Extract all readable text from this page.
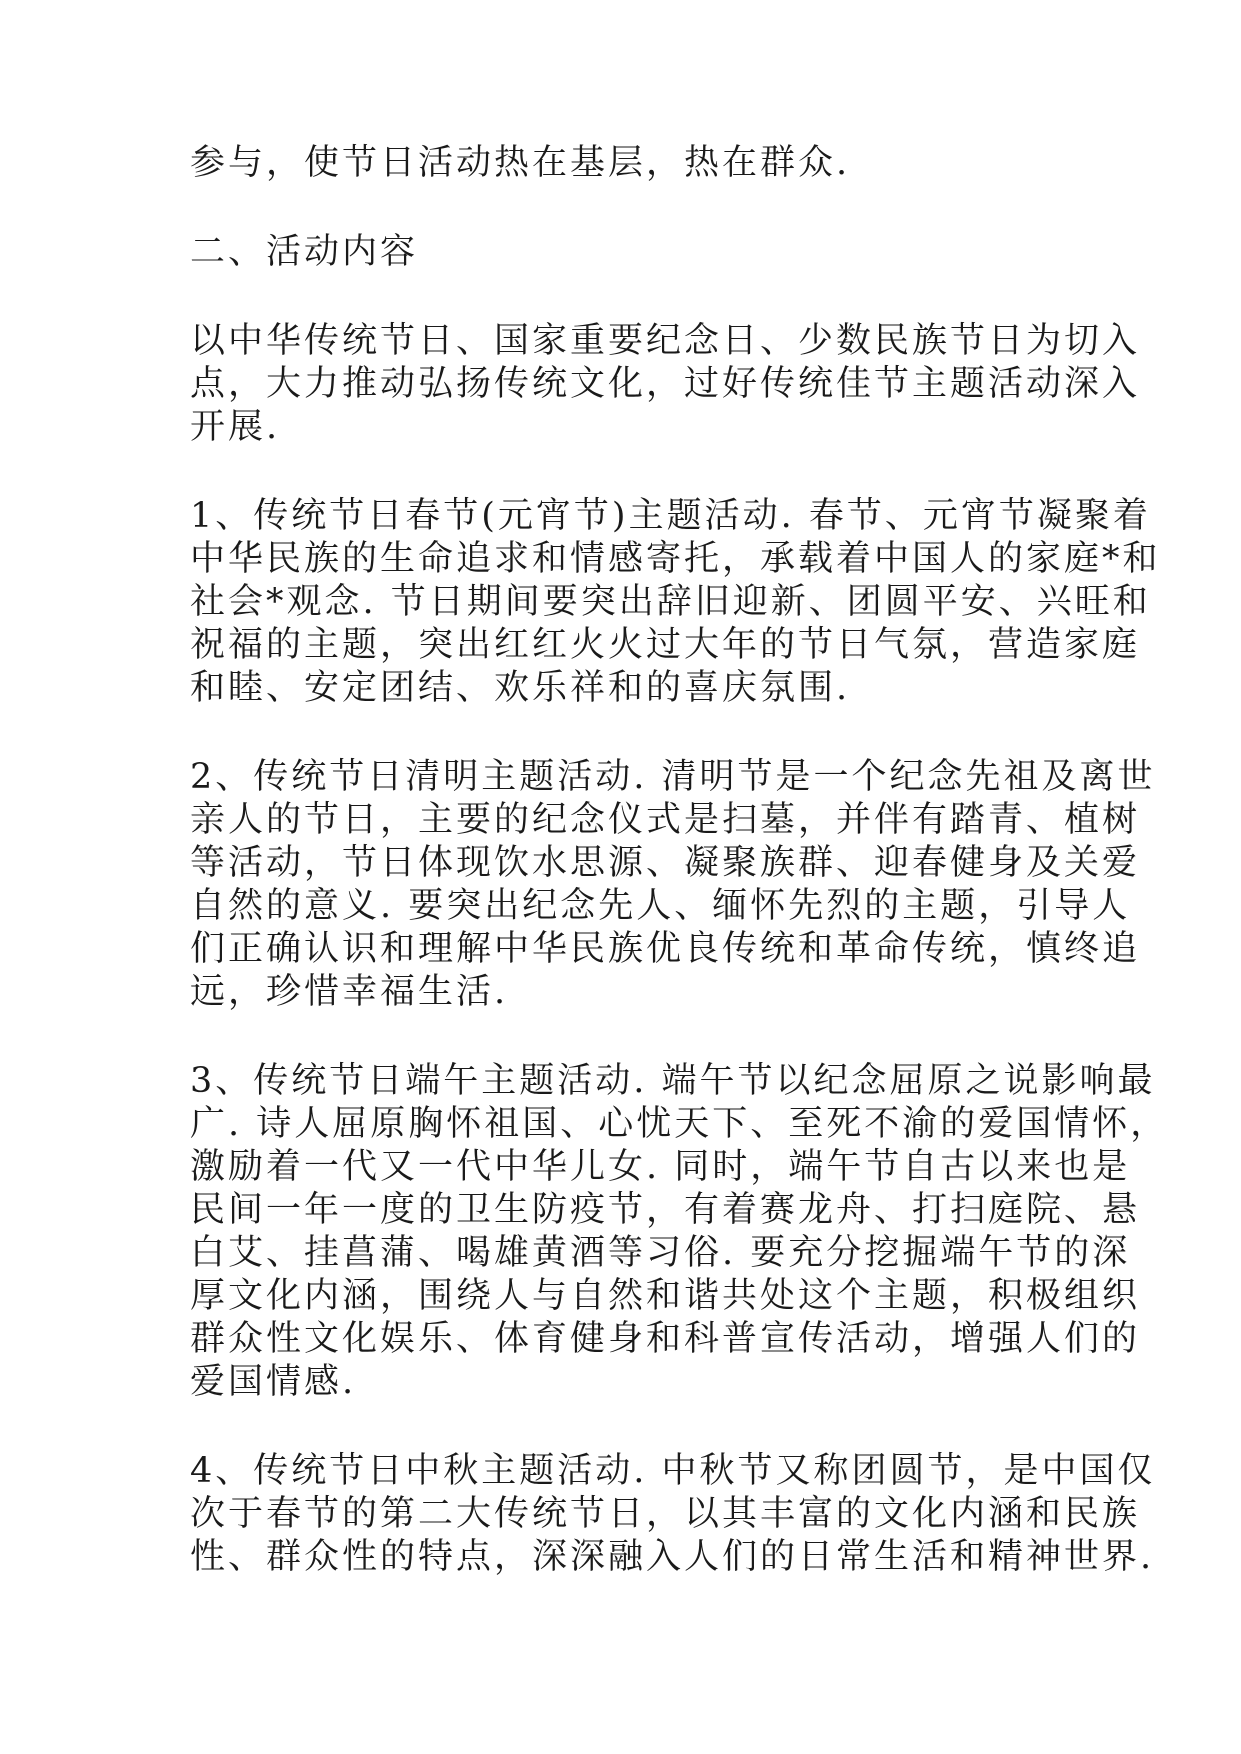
参与，使节日活动热在基层，热在群众.
二、活动内容
以中华传统节日、国家重要纪念日、少数民族节日为切入
点，大力推动弘扬传统文化，过好传统佳节主题活动深入
开展.
1、传统节日春节(元宵节)主题活动. 春节、元宵节凝聚着
中华民族的生命追求和情感寄托，承载着中国人的家庭*和
社会*观念. 节日期间要突出辞旧迎新、团圆平安、兴旺和
祝福的主题，突出红红火火过大年的节日气氛，营造家庭
和睦、安定团结、欢乐祥和的喜庆氛围.
2、传统节日清明主题活动. 清明节是一个纪念先祖及离世
亲人的节日，主要的纪念仪式是扫墓，并伴有踏青、植树
等活动，节日体现饮水思源、凝聚族群、迎春健身及关爱
自然的意义. 要突出纪念先人、缅怀先烈的主题，引导人
们正确认识和理解中华民族优良传统和革命传统，慎终追
远，珍惜幸福生活.
3、传统节日端午主题活动. 端午节以纪念屈原之说影响最
广. 诗人屈原胸怀祖国、心忧天下、至死不渝的爱国情怀，
激励着一代又一代中华儿女. 同时，端午节自古以来也是
民间一年一度的卫生防疫节，有着赛龙舟、打扫庭院、悬
白艾、挂菖蒲、喝雄黄酒等习俗. 要充分挖掘端午节的深
厚文化内涵，围绕人与自然和谐共处这个主题，积极组织
群众性文化娱乐、体育健身和科普宣传活动，增强人们的
爱国情感.
4、传统节日中秋主题活动. 中秋节又称团圆节，是中国仅
次于春节的第二大传统节日，以其丰富的文化内涵和民族
性、群众性的特点，深深融入人们的日常生活和精神世界.
